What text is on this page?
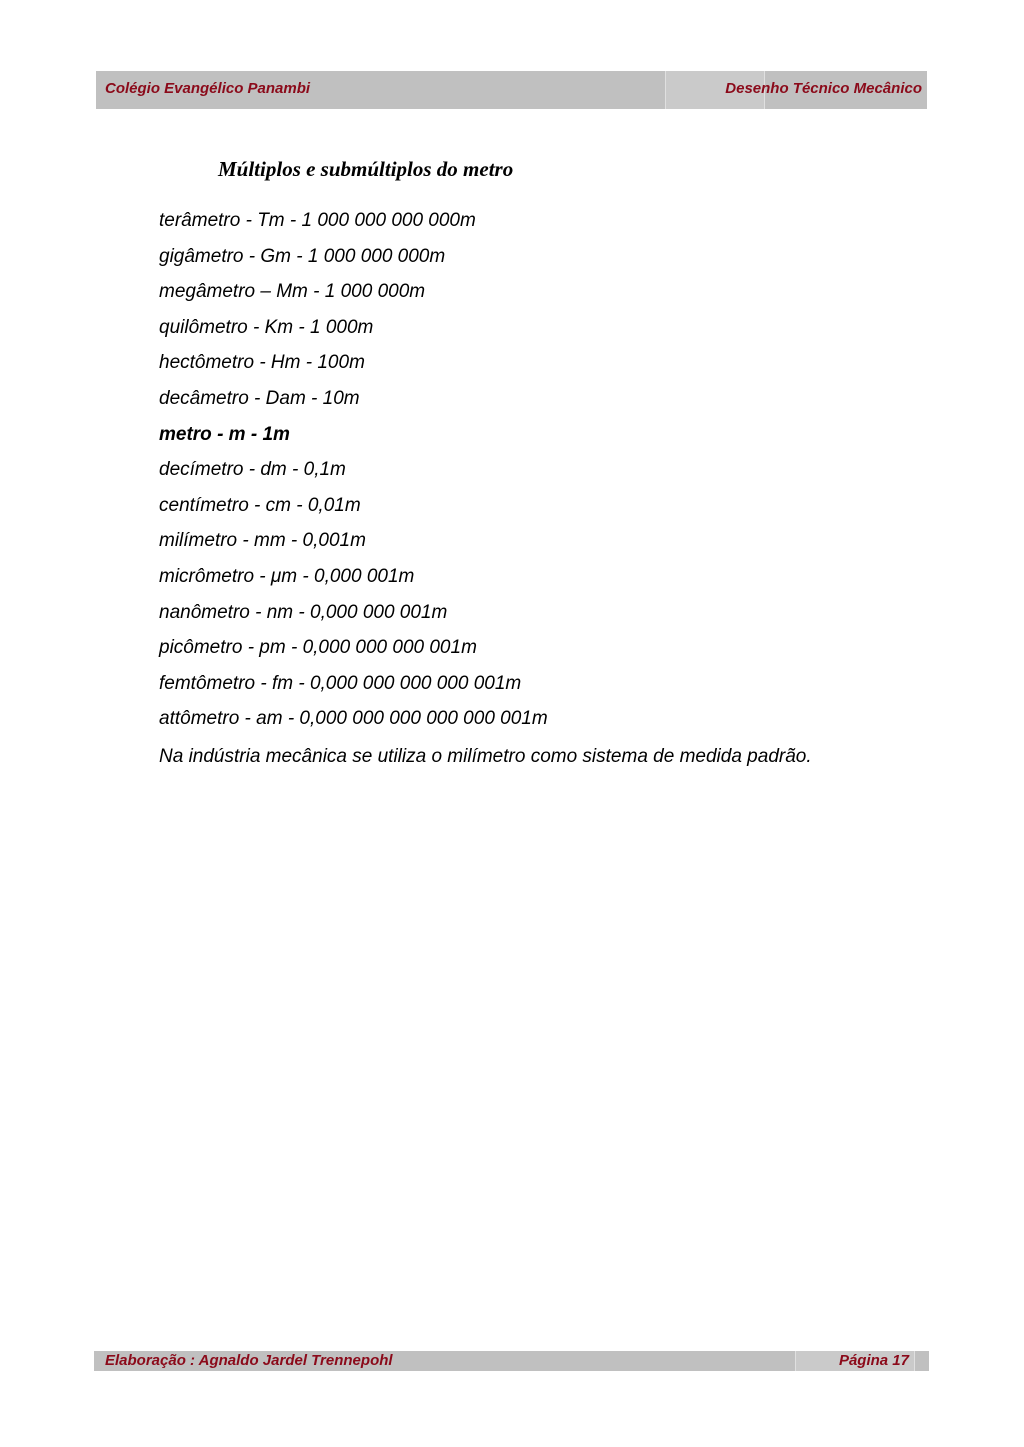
Colégio Evangélico Panambi	Desenho Técnico Mecânico
Múltiplos e submúltiplos do metro
terâmetro - Tm - 1 000 000 000 000m
gigâmetro - Gm - 1 000 000 000m
megâmetro – Mm - 1 000 000m
quilômetro - Km - 1 000m
hectômetro - Hm - 100m
decâmetro - Dam - 10m
metro - m - 1m
decímetro - dm - 0,1m
centímetro - cm - 0,01m
milímetro - mm - 0,001m
micrômetro - μm - 0,000 001m
nanômetro - nm - 0,000 000 001m
picômetro - pm - 0,000 000 000 001m
femtômetro - fm - 0,000 000 000 000 001m
attômetro - am - 0,000 000 000 000 000 001m
Na indústria mecânica se utiliza o milímetro como sistema de medida padrão.
Elaboração : Agnaldo Jardel Trennepohl	Página 17
